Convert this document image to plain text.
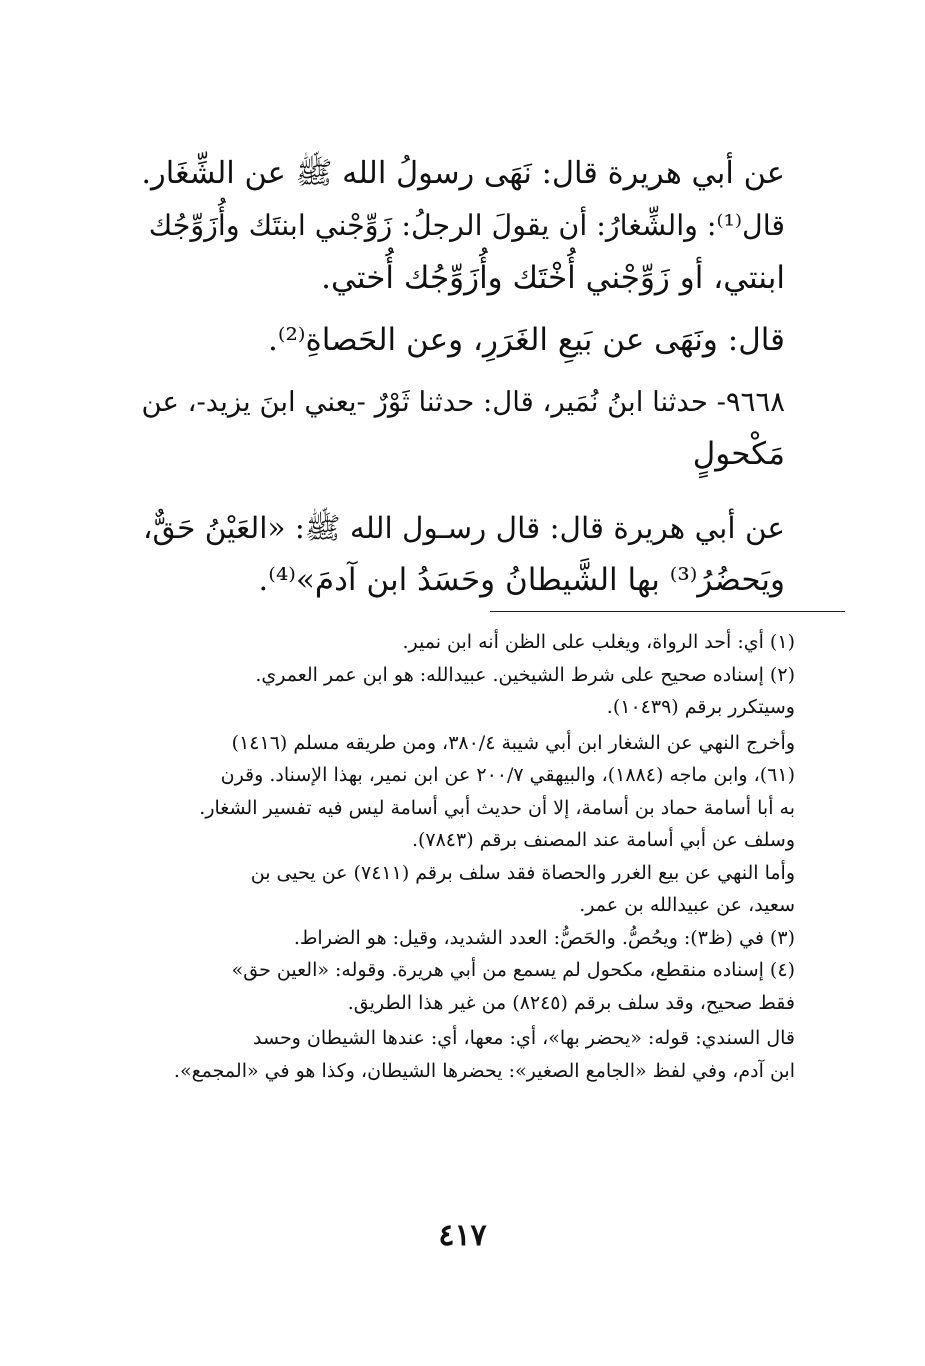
عن أبي هريرة قال: نَهَى رسولُ الله ﷺ عن الشِّغَار.

قال⁽¹⁾: والشِّغارُ: أن يقولَ الرجلُ: زَوِّجْني ابنتَك وأُزَوِّجُك

ابنتي، أو زَوِّجْني أُخْتَك وأُزَوِّجُك أُختي.

قال: ونَهَى عن بَيعِ الغَرَرِ، وعن الحَصاةِ⁽²⁾.

٩٦٦٨- حدثنا ابنُ نُمَير، قال: حدثنا ثَوْرٌ -يعني ابنَ يزيد-، عن

مَكْحولٍ

عن أبي هريرة قال: قال رسـول الله ﷺ: «العَيْنُ حَقٌّ،

ويَحضُرُ⁽³⁾ بها الشَّيطانُ وحَسَدُ ابن آدمَ»⁽⁴⁾.

(١) أي: أحد الرواة، ويغلب على الظن أنه ابن نمير.

(٢) إسناده صحيح على شرط الشيخين. عبيدالله: هو ابن عمر العمري.

وسيتكرر برقم (١٠٤٣٩).

وأخرج النهي عن الشغار ابن أبي شيبة ٣٨٠/٤، ومن طريقه مسلم (١٤١٦)

(٦١)، وابن ماجه (١٨٨٤)، والبيهقي ٢٠٠/٧ عن ابن نمير، بهذا الإسناد. وقرن

به أبا أسامة حماد بن أسامة، إلا أن حديث أبي أسامة ليس فيه تفسير الشغار.

وسلف عن أبي أسامة عند المصنف برقم (٧٨٤٣).

وأما النهي عن بيع الغرر والحصاة فقد سلف برقم (٧٤١١) عن يحيى بن

سعيد، عن عبيدالله بن عمر.

(٣) في (ظ٣): ويحُصُّ. والحَصُّ: العدد الشديد، وقيل: هو الضراط.

(٤) إسناده منقطع، مكحول لم يسمع من أبي هريرة. وقوله: «العين حق»

فقط صحيح، وقد سلف برقم (٨٢٤٥) من غير هذا الطريق.

قال السندي: قوله: «يحضر بها»، أي: معها، أي: عندها الشيطان وحسد

ابن آدم، وفي لفظ «الجامع الصغير»: يحضرها الشيطان، وكذا هو في «المجمع».

٤١٧
